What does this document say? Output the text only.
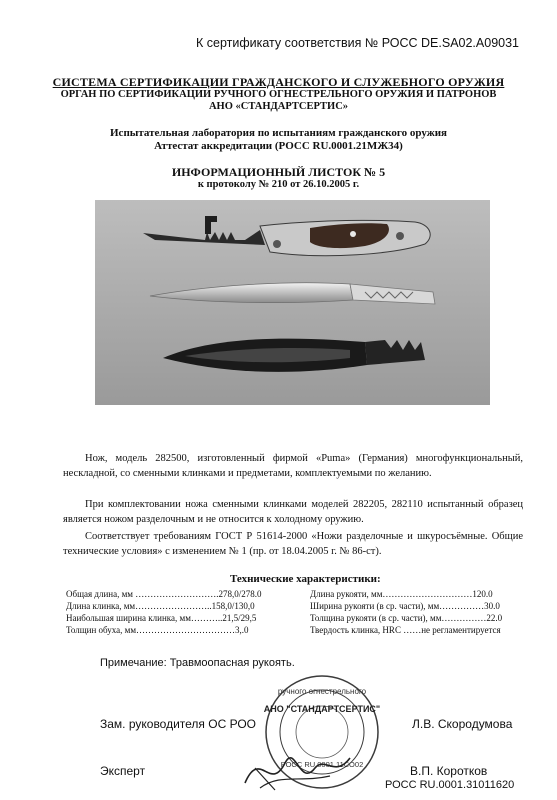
К сертификату соответствия № РОСС DE.SA02.A09031
СИСТЕМА СЕРТИФИКАЦИИ ГРАЖДАНСКОГО И СЛУЖЕБНОГО ОРУЖИЯ
ОРГАН ПО СЕРТИФИКАЦИИ РУЧНОГО ОГНЕСТРЕЛЬНОГО ОРУЖИЯ И ПАТРОНОВ
АНО «СТАНДАРТСЕРТИС»
Испытательная лаборатория по испытаниям гражданского оружия
Аттестат аккредитации (РОСС RU.0001.21МЖ34)
ИНФОРМАЦИОННЫЙ ЛИСТОК № 5
к протоколу № 210 от 26.10.2005 г.
Нож, модель 282500, изготовленный фирмой «Puma» (Германия) многофункциональный, нескладной, со сменными клинками и предметами, комплектуемыми по желанию.
При комплектовании ножа сменными клинками моделей 282205, 282110 испытанный образец является ножом разделочным и не относится к холодному оружию.
Соответствует требованиям ГОСТ Р 51614-2000 «Ножи разделочные и шкуросъёмные. Общие технические условия» с изменением № 1 (пр. от 18.04.2005 г. № 86-ст).
Технические характеристики:
Общая длина, мм ……………………….278,0/278.0
Длина клинка, мм……………………..158,0/130,0
Наибольшая ширина клинка, мм………..21,5/29,5
Толщин обуха, мм……………………………3,.0
Длина рукояти, мм…………………………120.0
Ширина рукояти (в ср. части), мм……………30.0
Толщина рукояти (в ср. части), мм……………22.0
Твердость клинка, HRC ……не регламентируется
Примечание: Травмоопасная рукоять.
Зам. руководителя ОС РОО	Л.В. Скородумова
Эксперт	В.П. Коротков
РОСС RU.0001.31011620
ручного огнестрельного
АНО "СТАНДАРТСЕРТИС"
РОСС RU.0001.11СО02
